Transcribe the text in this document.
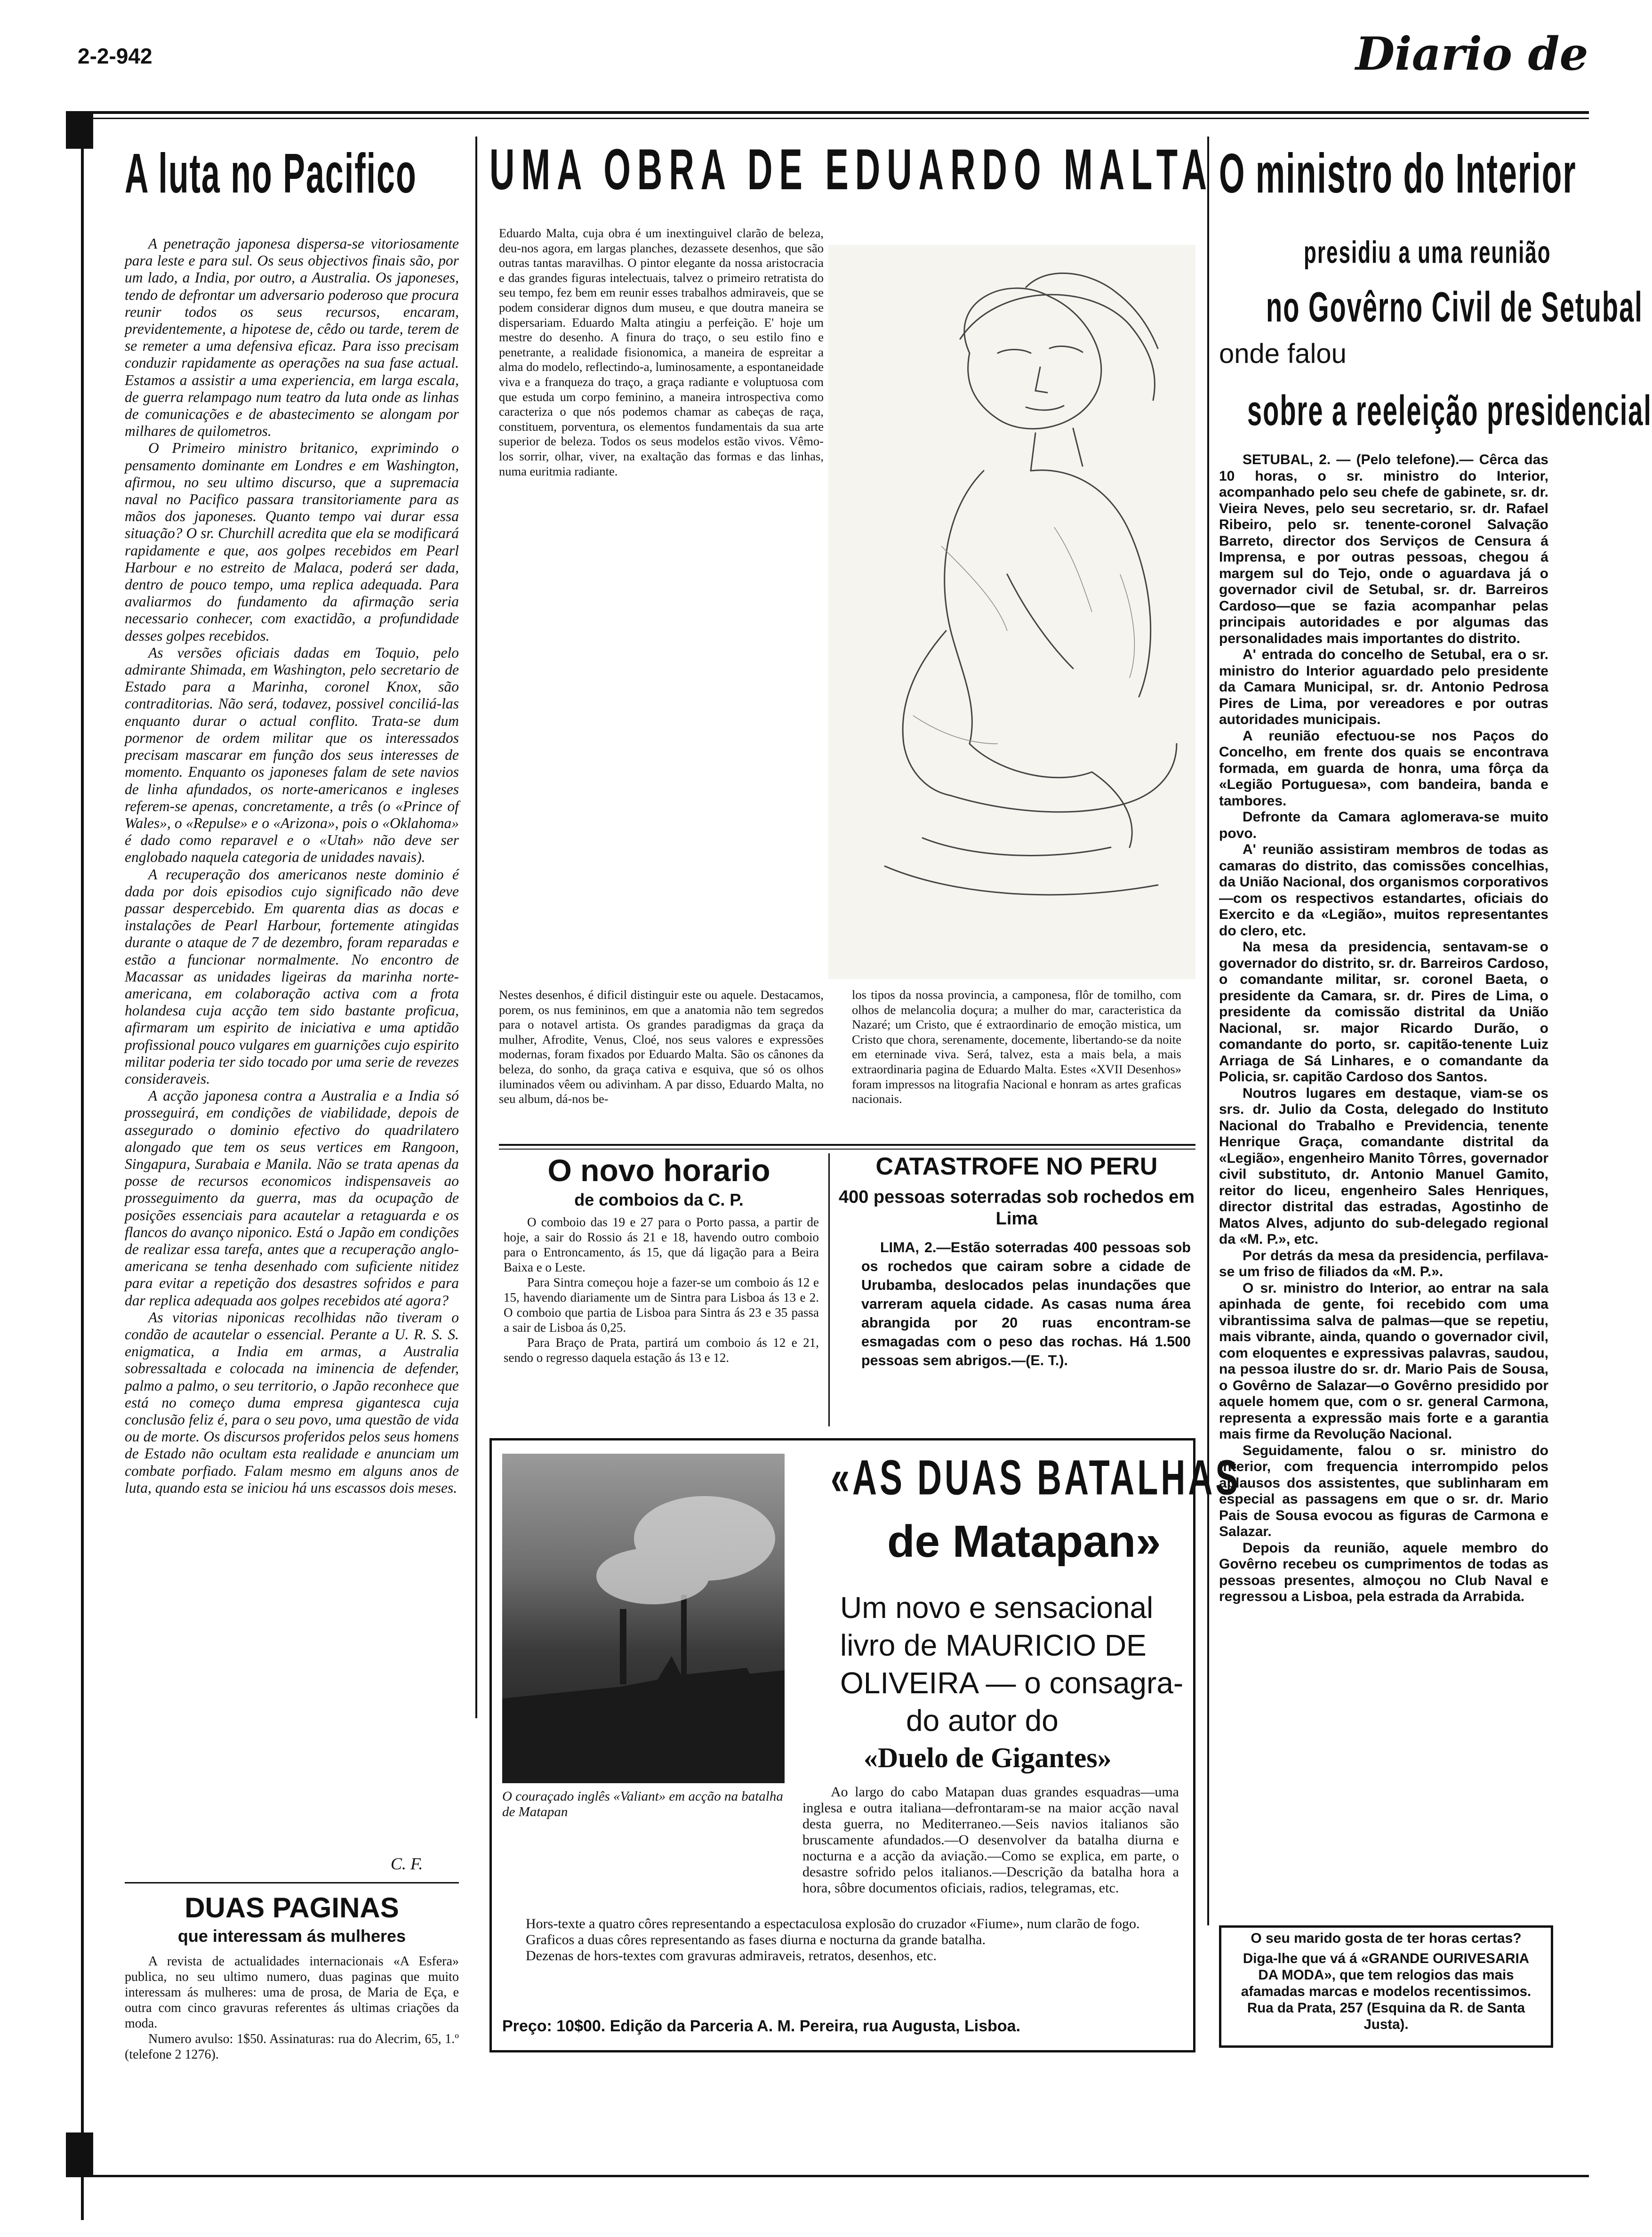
2-2-942	Diario de
A luta no Pacifico

A penetração japonesa dispersa-se vitoriosamente para leste e para sul. Os seus objectivos finais são, por um lado, a India, por outro, a Australia. Os japoneses, tendo de defrontar um adversario poderoso que procura reunir todos os seus recursos, encaram, previdentemente, a hipotese de, cêdo ou tarde, terem de se remeter a uma defensiva eficaz. Para isso precisam conduzir rapidamente as operações na sua fase actual. Estamos a assistir a uma experiencia, em larga escala, de guerra relampago num teatro da luta onde as linhas de comunicações e de abastecimento se alongam por milhares de quilometros.

O Primeiro ministro britanico, exprimindo o pensamento dominante em Londres e em Washington, afirmou, no seu ultimo discurso, que a supremacia naval no Pacifico passara transitoriamente para as mãos dos japoneses. Quanto tempo vai durar essa situação? O sr. Churchill acredita que ela se modificará rapidamente e que, aos golpes recebidos em Pearl Harbour e no estreito de Malaca, poderá ser dada, dentro de pouco tempo, uma replica adequada. Para avaliarmos do fundamento da afirmação seria necessario conhecer, com exactidão, a profundidade desses golpes recebidos.

As versões oficiais dadas em Toquio, pelo admirante Shimada, em Washington, pelo secretario de Estado para a Marinha, coronel Knox, são contraditorias. Não será, todavez, possivel conciliá-las enquanto durar o actual conflito. Trata-se dum pormenor de ordem militar que os interessados precisam mascarar em função dos seus interesses de momento. Enquanto os japoneses falam de sete navios de linha afundados, os norte-americanos e ingleses referem-se apenas, concretamente, a três (o «Prince of Wales», o «Repulse» e o «Arizona», pois o «Oklahoma» é dado como reparavel e o «Utah» não deve ser englobado naquela categoria de unidades navais).

A recuperação dos americanos neste dominio é dada por dois episodios cujo significado não deve passar despercebido. Em quarenta dias as docas e instalações de Pearl Harbour, fortemente atingidas durante o ataque de 7 de dezembro, foram reparadas e estão a funcionar normalmente. No encontro de Macassar as unidades ligeiras da marinha norte-americana, em colaboração activa com a frota holandesa cuja acção tem sido bastante proficua, afirmaram um espirito de iniciativa e uma aptidão profissional pouco vulgares em guarnições cujo espirito militar poderia ter sido tocado por uma serie de revezes consideraveis.

A acção japonesa contra a Australia e a India só prosseguirá, em condições de viabilidade, depois de assegurado o dominio efectivo do quadrilatero alongado que tem os seus vertices em Rangoon, Singapura, Surabaia e Manila. Não se trata apenas da posse de recursos economicos indispensaveis ao prosseguimento da guerra, mas da ocupação de posições essenciais para acautelar a retaguarda e os flancos do avanço niponico. Está o Japão em condições de realizar essa tarefa, antes que a recuperação anglo-americana se tenha desenhado com suficiente nitidez para evitar a repetição dos desastres sofridos e para dar replica adequada aos golpes recebidos até agora?

As vitorias niponicas recolhidas não tiveram o condão de acautelar o essencial. Perante a U. R. S. S. enigmatica, a India em armas, a Australia sobressaltada e colocada na iminencia de defender, palmo a palmo, o seu territorio, o Japão reconhece que está no começo duma empresa gigantesca cuja conclusão feliz é, para o seu povo, uma questão de vida ou de morte. Os discursos proferidos pelos seus homens de Estado não ocultam esta realidade e anunciam um combate porfiado. Falam mesmo em alguns anos de luta, quando esta se iniciou há uns escassos dois meses.

C. F.
DUAS PAGINAS
que interessam ás mulheres

A revista de actualidades internacionais «A Esfera» publica, no seu ultimo numero, duas paginas que muito interessam ás mulheres: uma de prosa, de Maria de Eça, e outra com cinco gravuras referentes ás ultimas criações da moda.

Numero avulso: 1$50. Assinaturas: rua do Alecrim, 65, 1.º (telefone 2 1276).

UMA OBRA DE EDUARDO MALTA
Eduardo Malta, cuja obra é um inextinguivel clarão de beleza, deu-nos agora, em largas planches, dezassete desenhos, que são outras tantas maravilhas. O pintor elegante da nossa aristocracia e das grandes figuras intelectuais, talvez o primeiro retratista do seu tempo, fez bem em reunir esses trabalhos admiraveis, que se podem considerar dignos dum museu, e que doutra maneira se dispersariam. Eduardo Malta atingiu a perfeição. E' hoje um mestre do desenho. A finura do traço, o seu estilo fino e penetrante, a realidade fisionomica, a maneira de espreitar a alma do modelo, reflectindo-a, luminosamente, a espontaneidade viva e a franqueza do traço, a graça radiante e voluptuosa com que estuda um corpo feminino, a maneira introspectiva como caracteriza o que nós podemos chamar as cabeças de raça, constituem, porventura, os elementos fundamentais da sua arte superior de beleza. Todos os seus modelos estão vivos. Vêmo-los sorrir, olhar, viver, na exaltação das formas e das linhas, numa euritmia radiante.
Nestes desenhos, é dificil distinguir este ou aquele. Destacamos, porem, os nus femininos, em que a anatomia não tem segredos para o notavel artista. Os grandes paradigmas da graça da mulher, Afrodite, Venus, Cloé, nos seus valores e expressões modernas, foram fixados por Eduardo Malta. São os cânones da beleza, do sonho, da graça cativa e esquiva, que só os olhos iluminados vêem ou adivinham. A par disso, Eduardo Malta, no seu album, dá-nos be-
los tipos da nossa provincia, a camponesa, flôr de tomilho, com olhos de melancolia doçura; a mulher do mar, caracteristica da Nazaré; um Cristo, que é extraordinario de emoção mistica, um Cristo que chora, serenamente, docemente, libertando-se da noite em eterninade viva. Será, talvez, esta a mais bela, a mais extraordinaria pagina de Eduardo Malta. Estes «XVII Desenhos» foram impressos na litografia Nacional e honram as artes graficas nacionais.
O novo horario
de comboios da C. P.

O comboio das 19 e 27 para o Porto passa, a partir de hoje, a sair do Rossio ás 21 e 18, havendo outro comboio para o Entroncamento, ás 15, que dá ligação para a Beira Baixa e o Leste.

Para Sintra começou hoje a fazer-se um comboio ás 12 e 15, havendo diariamente um de Sintra para Lisboa ás 13 e 2. O comboio que partia de Lisboa para Sintra ás 23 e 35 passa a sair de Lisboa ás 0,25.

Para Braço de Prata, partirá um comboio ás 12 e 21, sendo o regresso daquela estação ás 13 e 12.

CATASTROFE NO PERU
400 pessoas soterradas sob rochedos em Lima
LIMA, 2.—Estão soterradas 400 pessoas sob os rochedos que cairam sobre a cidade de Urubamba, deslocados pelas inundações que varreram aquela cidade. As casas numa área abrangida por 20 ruas encontram-se esmagadas com o peso das rochas. Há 1.500 pessoas sem abrigos.—(E. T.).
O couraçado inglês «Valiant» em acção na batalha de Matapan
«AS DUAS BATALHAS
de Matapan»
Um novo e sensacional
livro de MAURICIO DE
OLIVEIRA — o consagra-
do autor do
«Duelo de Gigantes»
Ao largo do cabo Matapan duas grandes esquadras—uma inglesa e outra italiana—defrontaram-se na maior acção naval desta guerra, no Mediterraneo.—Seis navios italianos são bruscamente afundados.—O desenvolver da batalha diurna e nocturna e a acção da aviação.—Como se explica, em parte, o desastre sofrido pelos italianos.—Descrição da batalha hora a hora, sôbre documentos oficiais, radios, telegramas, etc.

Hors-texte a quatro côres representando a espectaculosa explosão do cruzador «Fiume», num clarão de fogo.

Graficos a duas côres representando as fases diurna e nocturna da grande batalha.

Dezenas de hors-textes com gravuras admiraveis, retratos, desenhos, etc.

Preço: 10$00. Edição da Parceria A. M. Pereira, rua Augusta, Lisboa.
O ministro do Interior
presidiu a uma reunião
no Govêrno Civil de Setubal
onde falou
sobre a reeleição presidencial

SETUBAL, 2. — (Pelo telefone).— Cêrca das 10 horas, o sr. ministro do Interior, acompanhado pelo seu chefe de gabinete, sr. dr. Vieira Neves, pelo seu secretario, sr. dr. Rafael Ribeiro, pelo sr. tenente-coronel Salvação Barreto, director dos Serviços de Censura á Imprensa, e por outras pessoas, chegou á margem sul do Tejo, onde o aguardava já o governador civil de Setubal, sr. dr. Barreiros Cardoso—que se fazia acompanhar pelas principais autoridades e por algumas das personalidades mais importantes do distrito.

A' entrada do concelho de Setubal, era o sr. ministro do Interior aguardado pelo presidente da Camara Municipal, sr. dr. Antonio Pedrosa Pires de Lima, por vereadores e por outras autoridades municipais.

A reunião efectuou-se nos Paços do Concelho, em frente dos quais se encontrava formada, em guarda de honra, uma fôrça da «Legião Portuguesa», com bandeira, banda e tambores.

Defronte da Camara aglomerava-se muito povo.

A' reunião assistiram membros de todas as camaras do distrito, das comissões concelhias, da União Nacional, dos organismos corporativos—com os respectivos estandartes, oficiais do Exercito e da «Legião», muitos representantes do clero, etc.

Na mesa da presidencia, sentavam-se o governador do distrito, sr. dr. Barreiros Cardoso, o comandante militar, sr. coronel Baeta, o presidente da Camara, sr. dr. Pires de Lima, o presidente da comissão distrital da União Nacional, sr. major Ricardo Durão, o comandante do porto, sr. capitão-tenente Luiz Arriaga de Sá Linhares, e o comandante da Policia, sr. capitão Cardoso dos Santos.

Noutros lugares em destaque, viam-se os srs. dr. Julio da Costa, delegado do Instituto Nacional do Trabalho e Previdencia, tenente Henrique Graça, comandante distrital da «Legião», engenheiro Manito Tôrres, governador civil substituto, dr. Antonio Manuel Gamito, reitor do liceu, engenheiro Sales Henriques, director distrital das estradas, Agostinho de Matos Alves, adjunto do sub-delegado regional da «M. P.», etc.

Por detrás da mesa da presidencia, perfilava-se um friso de filiados da «M. P.».

O sr. ministro do Interior, ao entrar na sala apinhada de gente, foi recebido com uma vibrantissima salva de palmas—que se repetiu, mais vibrante, ainda, quando o governador civil, com eloquentes e expressivas palavras, saudou, na pessoa ilustre do sr. dr. Mario Pais de Sousa, o Govêrno de Salazar—o Govêrno presidido por aquele homem que, com o sr. general Carmona, representa a expressão mais forte e a garantia mais firme da Revolução Nacional.

Seguidamente, falou o sr. ministro do Interior, com frequencia interrompido pelos aplausos dos assistentes, que sublinharam em especial as passagens em que o sr. dr. Mario Pais de Sousa evocou as figuras de Carmona e Salazar.

Depois da reunião, aquele membro do Govêrno recebeu os cumprimentos de todas as pessoas presentes, almoçou no Club Naval e regressou a Lisboa, pela estrada da Arrabida.

O seu marido gosta de ter horas certas?
Diga-lhe que vá á «GRANDE OURIVESARIA DA MODA», que tem relogios das mais afamadas marcas e modelos recentissimos. Rua da Prata, 257 (Esquina da R. de Santa Justa).
